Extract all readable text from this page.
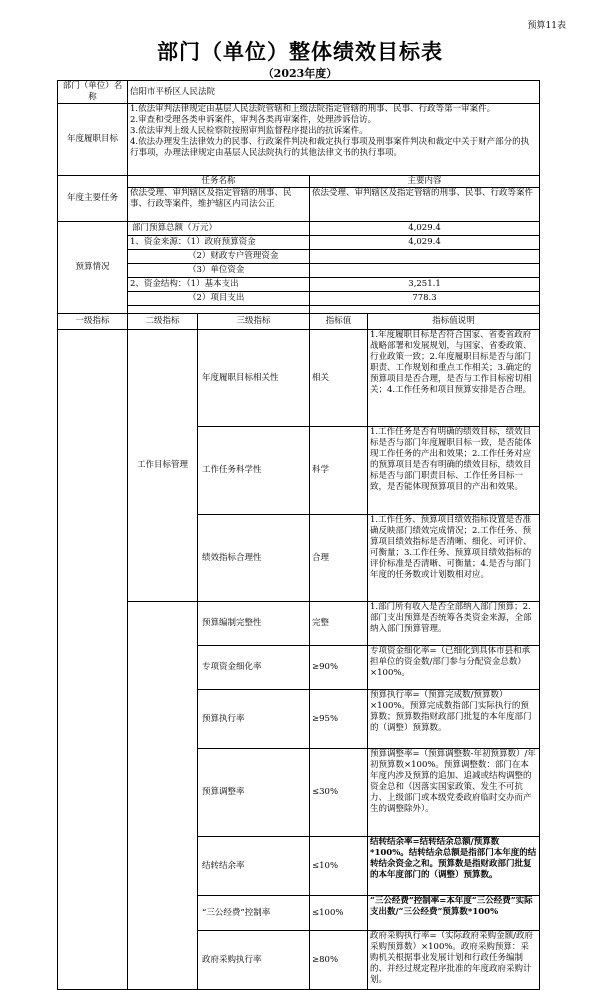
预算11表
部门（单位）整体绩效目标表
（2023年度）
部门（单位）名称	信阳市平桥区人民法院			
年度履职目标	1.依法审判法律规定由基层人民法院管辖和上级法院指定管辖的刑事、民事、行政等第一审案件。
2.审查和受理各类申诉案件，审判各类再审案件，处理涉诉信访。
3.依法审判上级人民检察院按照审判监督程序提出的抗诉案件。
4.依法办理发生法律效力的民事、行政案件判决和裁定执行事项及刑事案件判决和裁定中关于财产部分的执行事项，办理法律规定由基层人民法院执行的其他法律文书的执行事项。			

年度主要任务	任务名称		主要内容	

	依法受理、审判辖区及指定管辖的刑事、民事、行政等案件，维护辖区内司法公正		依法受理、审判辖区及指定管辖的刑事、民事、行政等案件	

预算情况	部门预算总额（万元）		4,029.4	
	1、资金来源：（1）政府预算资金		4,029.4	
	（2）财政专户管理资金			
	（3）单位资金			
	2、资金结构：（1）基本支出		3,251.1	
	（2）项目支出		778.3	

一级指标	二级指标	三级指标	指标值	指标值说明
	工作目标管理	年度履职目标相关性	相关	1.年度履职目标是否符合国家、省委省政府战略部署和发展规划，与国家、省委政策、行业政策一致；2.年度履职目标是否与部门职责、工作规划和重点工作相关；3.确定的预算项目是否合理，是否与工作目标密切相关；4.工作任务和项目预算安排是否合理。

		工作任务科学性	科学	1.工作任务是否有明确的绩效目标，绩效目标是否与部门年度履职目标一致，是否能体现工作任务的产出和效果；2.工作任务对应的预算项目是否有明确的绩效目标，绩效目标是否与部门职责目标、工作任务目标一致，是否能体现预算项目的产出和效果。

		绩效指标合理性	合理	1.工作任务、预算项目绩效指标设置是否准确反映部门绩效完成情况；2.工作任务、预算项目绩效指标是否清晰、细化、可评价、可衡量；3.工作任务、预算项目绩效指标的评价标准是否清晰、可衡量；4.是否与部门年度的任务数或计划数相对应。

		预算编制完整性	完整	1.部门所有收入是否全部纳入部门预算；2.部门支出预算是否统筹各类资金来源，全部纳入部门预算管理。

		专项资金细化率	≥90%	专项资金细化率=（已细化到具体市县和承担单位的资金数/部门参与分配资金总数）×100%。

		预算执行率	≥95%	预算执行率=（预算完成数/预算数）×100%。预算完成数指部门实际执行的预算数；预算数指财政部门批复的本年度部门的（调整）预算数。

		预算调整率	≤30%	预算调整率=（预算调整数-年初预算数）/年初预算数×100%。预算调整数：部门在本年度内涉及预算的追加、追减或结构调整的资金总和（因落实国家政策、发生不可抗力、上级部门或本级党委政府临时交办而产生的调整除外）。

		结转结余率	≤10%	结转结余率=结转结余总额/预算数*100%。结转结余总额是指部门本年度的结转结余资金之和。预算数是指财政部门批复的本年度部门的（调整）预算数。

		“三公经费”控制率	≤100%	“三公经费”控制率=本年度“三公经费”实际支出数/“三公经费”预算数*100%

		政府采购执行率	≥80%	政府采购执行率=（实际政府采购金额/政府采购预算数）×100%。政府采购预算：采购机关根据事业发展计划和行政任务编制的、并经过规定程序批准的年度政府采购计划。
